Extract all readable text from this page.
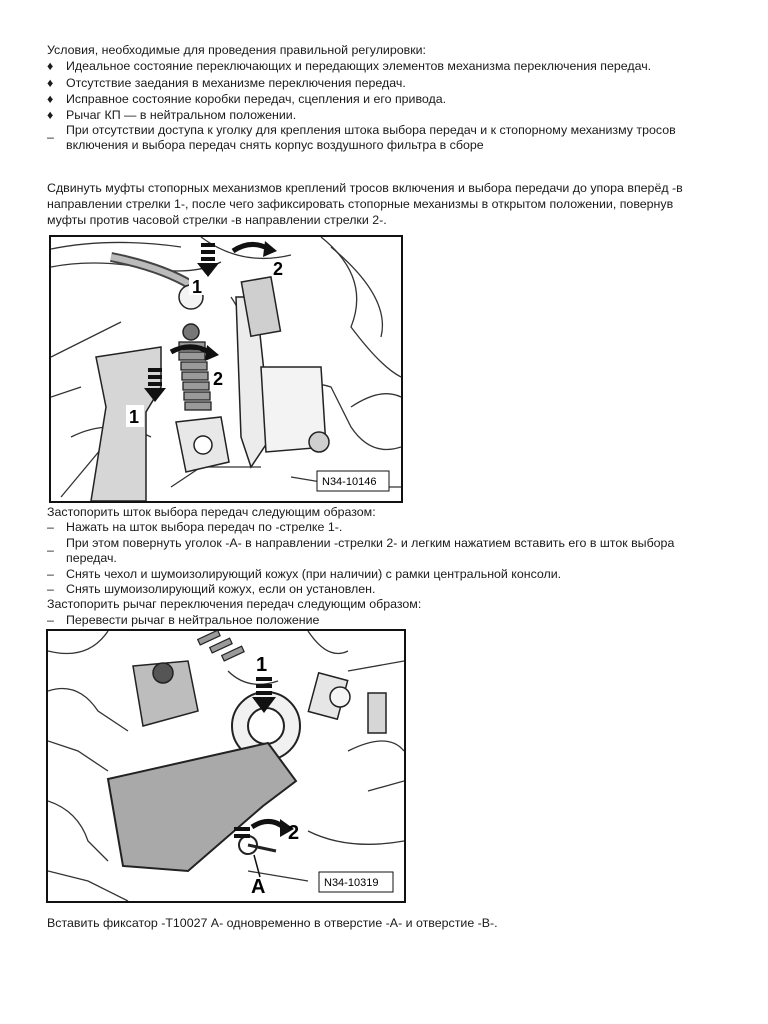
Условия, необходимые для проведения правильной регулировки:
♦	Идеальное состояние переключающих и передающих элементов механизма переключения передач.
♦	Отсутствие заедания в механизме переключения передач.
♦	Исправное состояние коробки передач, сцепления и его привода.
♦	Рычаг КП — в нейтральном положении.
– При отсутствии доступа к уголку для крепления штока выбора передач и к стопорному механизму тросов
включения и выбора передач снять корпус воздушного фильтра в сборе
Сдвинуть муфты стопорных механизмов креплений тросов включения и выбора передачи до упора вперёд -в
направлении стрелки 1-, после чего зафиксировать стопорные механизмы в открытом положении, повернув
муфты против часовой стрелки -в направлении стрелки 2-.
1
2
2
1
N34-10146
Застопорить шток выбора передач следующим образом:
– Нажать на шток выбора передач по -стрелке 1-.
– При этом повернуть уголок -А- в направлении -стрелки 2- и легким нажатием вставить его в шток выбора
передач.
– Снять чехол и шумоизолирующий кожух (при наличии) с рамки центральной консоли.
– Снять шумоизолирующий кожух, если он установлен.
Застопорить рычаг переключения передач следующим образом:
– Перевести рычаг в нейтральное положение
1
2
A	N34-10319
Вставить фиксатор -T10027 А- одновременно в отверстие -А- и отверстие -В-.
